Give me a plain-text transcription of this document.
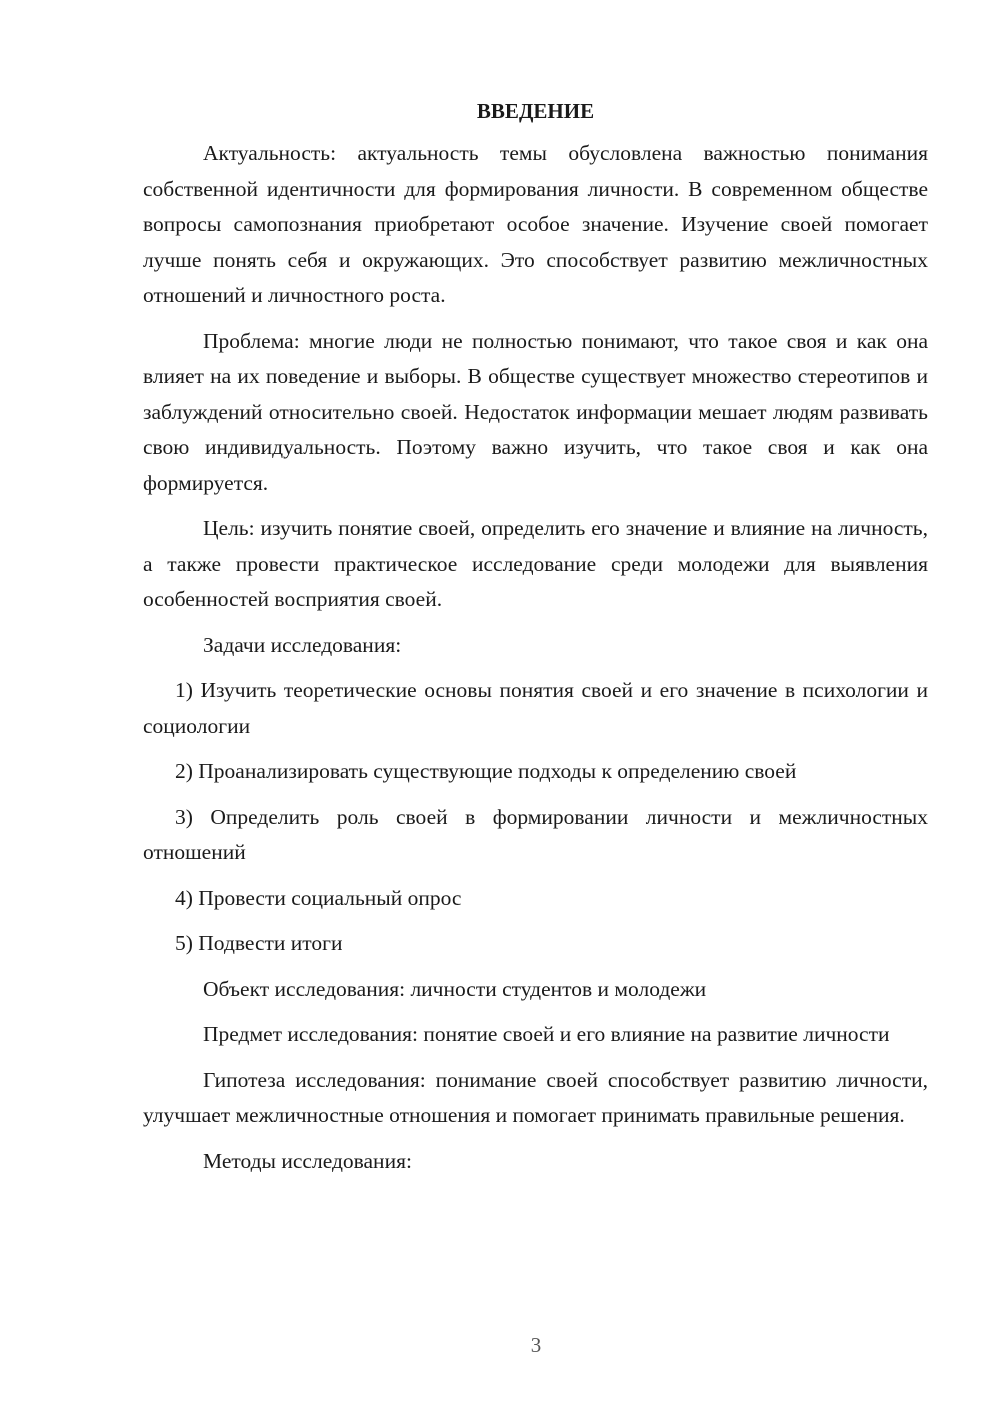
ВВЕДЕНИЕ
Актуальность: актуальность темы обусловлена важностью понимания собственной идентичности для формирования личности. В современном обществе вопросы самопознания приобретают особое значение. Изучение своей помогает лучше понять себя и окружающих. Это способствует развитию межличностных отношений и личностного роста.
Проблема: многие люди не полностью понимают, что такое своя и как она влияет на их поведение и выборы. В обществе существует множество стереотипов и заблуждений относительно своей. Недостаток информации мешает людям развивать свою индивидуальность. Поэтому важно изучить, что такое своя и как она формируется.
Цель: изучить понятие своей, определить его значение и влияние на личность, а также провести практическое исследование среди молодежи для выявления особенностей восприятия своей.
Задачи исследования:
1) Изучить теоретические основы понятия своей и его значение в психологии и социологии
2) Проанализировать существующие подходы к определению своей
3) Определить роль своей в формировании личности и межличностных отношений
4) Провести социальный опрос
5) Подвести итоги
Объект исследования: личности студентов и молодежи
Предмет исследования: понятие своей и его влияние на развитие личности
Гипотеза исследования: понимание своей способствует развитию личности, улучшает межличностные отношения и помогает принимать правильные решения.
Методы исследования:
3
